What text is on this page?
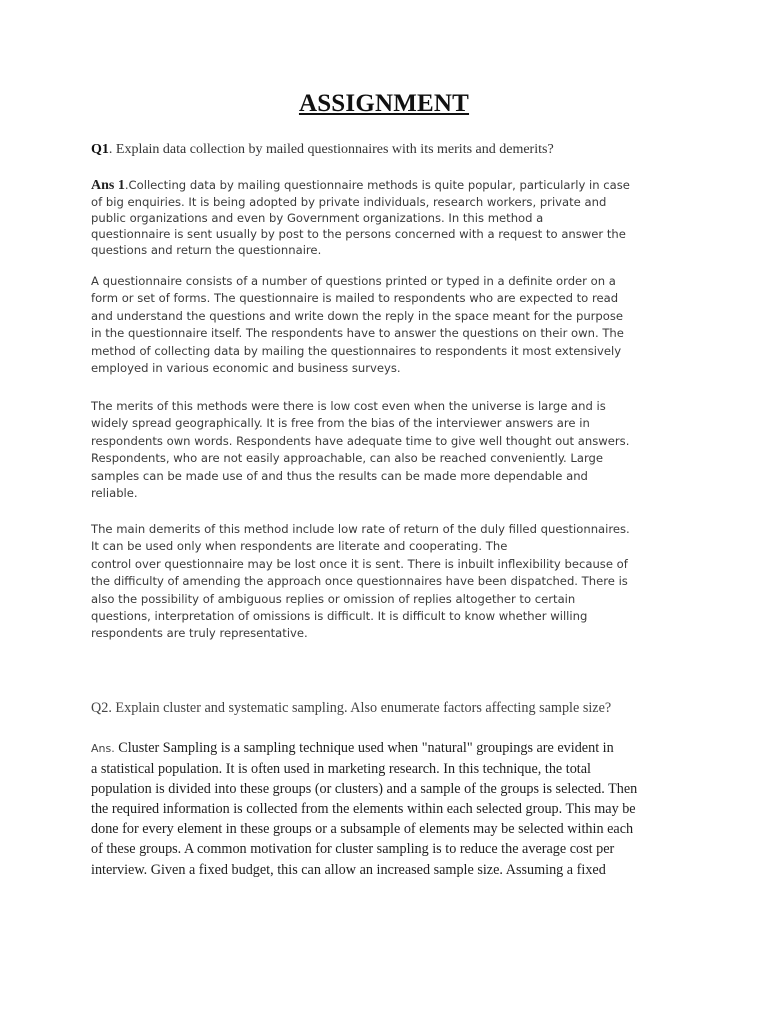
ASSIGNMENT
Q1. Explain data collection by mailed questionnaires with its merits and demerits?
Ans 1.Collecting data by mailing questionnaire methods is quite popular, particularly in case
of big enquiries. It is being adopted by private individuals, research workers, private and
public organizations and even by Government organizations. In this method a
questionnaire is sent usually by post to the persons concerned with a request to answer the
questions and return the questionnaire.
A questionnaire consists of a number of questions printed or typed in a definite order on a
form or set of forms. The questionnaire is mailed to respondents who are expected to read
and understand the questions and write down the reply in the space meant for the purpose
in the questionnaire itself. The respondents have to answer the questions on their own. The
method of collecting data by mailing the questionnaires to respondents it most extensively
employed in various economic and business surveys.
The merits of this methods were there is low cost even when the universe is large and is
widely spread geographically. It is free from the bias of the interviewer answers are in
respondents own words. Respondents have adequate time to give well thought out answers.
Respondents, who are not easily approachable, can also be reached conveniently. Large
samples can be made use of and thus the results can be made more dependable and
reliable.
The main demerits of this method include low rate of return of the duly filled questionnaires.
It can be used only when respondents are literate and cooperating. The
control over questionnaire may be lost once it is sent. There is inbuilt inflexibility because of
the difficulty of amending the approach once questionnaires have been dispatched. There is
also the possibility of ambiguous replies or omission of replies altogether to certain
questions, interpretation of omissions is difficult. It is difficult to know whether willing
respondents are truly representative.
Q2. Explain cluster and systematic sampling. Also enumerate factors affecting sample size?
Ans. Cluster Sampling is a sampling technique used when "natural" groupings are evident in
a statistical population. It is often used in marketing research. In this technique, the total
population is divided into these groups (or clusters) and a sample of the groups is selected. Then
the required information is collected from the elements within each selected group. This may be
done for every element in these groups or a subsample of elements may be selected within each
of these groups. A common motivation for cluster sampling is to reduce the average cost per
interview. Given a fixed budget, this can allow an increased sample size. Assuming a fixed
